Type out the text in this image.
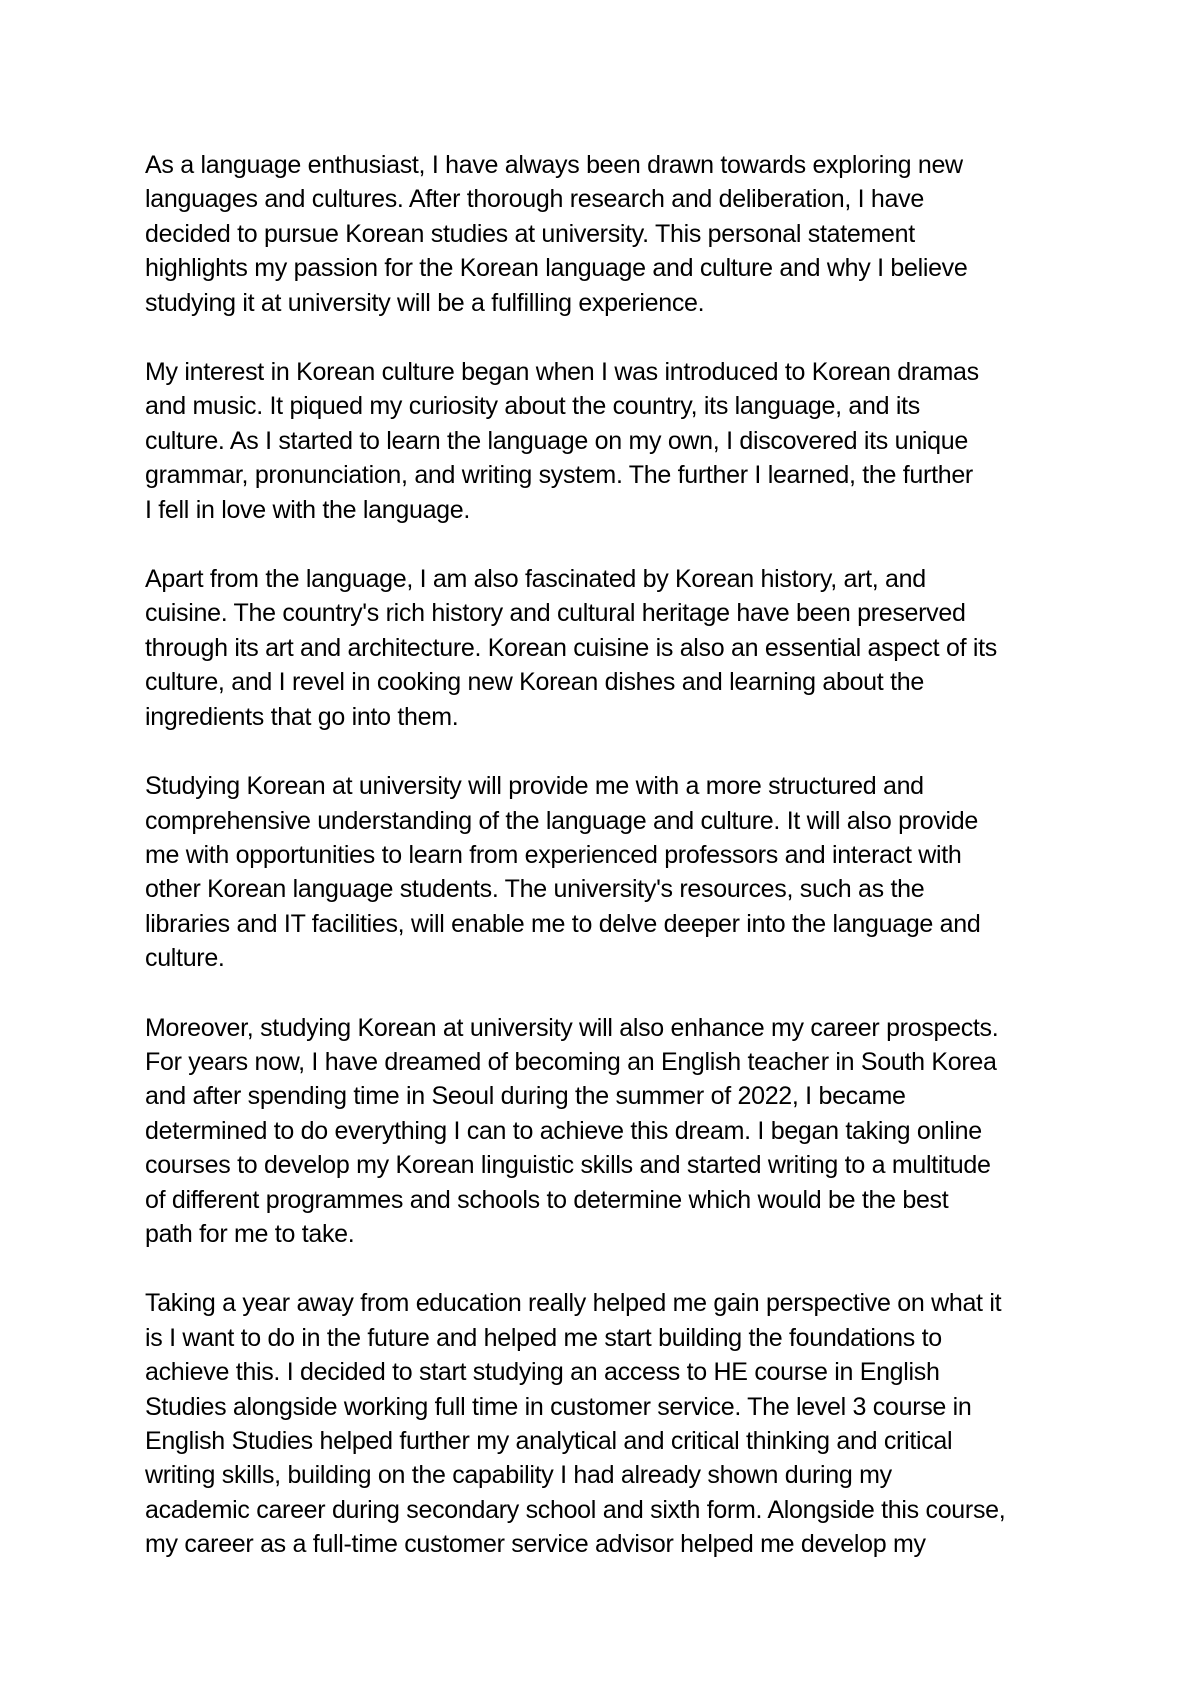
As a language enthusiast, I have always been drawn towards exploring new
languages and cultures. After thorough research and deliberation, I have
decided to pursue Korean studies at university. This personal statement
highlights my passion for the Korean language and culture and why I believe
studying it at university will be a fulfilling experience.

My interest in Korean culture began when I was introduced to Korean dramas
and music. It piqued my curiosity about the country, its language, and its
culture. As I started to learn the language on my own, I discovered its unique
grammar, pronunciation, and writing system. The further I learned, the further
I fell in love with the language.

Apart from the language, I am also fascinated by Korean history, art, and
cuisine. The country's rich history and cultural heritage have been preserved
through its art and architecture. Korean cuisine is also an essential aspect of its
culture, and I revel in cooking new Korean dishes and learning about the
ingredients that go into them.

Studying Korean at university will provide me with a more structured and
comprehensive understanding of the language and culture. It will also provide
me with opportunities to learn from experienced professors and interact with
other Korean language students. The university's resources, such as the
libraries and IT facilities, will enable me to delve deeper into the language and
culture.

Moreover, studying Korean at university will also enhance my career prospects.
For years now, I have dreamed of becoming an English teacher in South Korea
and after spending time in Seoul during the summer of 2022, I became
determined to do everything I can to achieve this dream. I began taking online
courses to develop my Korean linguistic skills and started writing to a multitude
of different programmes and schools to determine which would be the best
path for me to take.

Taking a year away from education really helped me gain perspective on what it
is I want to do in the future and helped me start building the foundations to
achieve this. I decided to start studying an access to HE course in English
Studies alongside working full time in customer service. The level 3 course in
English Studies helped further my analytical and critical thinking and critical
writing skills, building on the capability I had already shown during my
academic career during secondary school and sixth form. Alongside this course,
my career as a full-time customer service advisor helped me develop my
